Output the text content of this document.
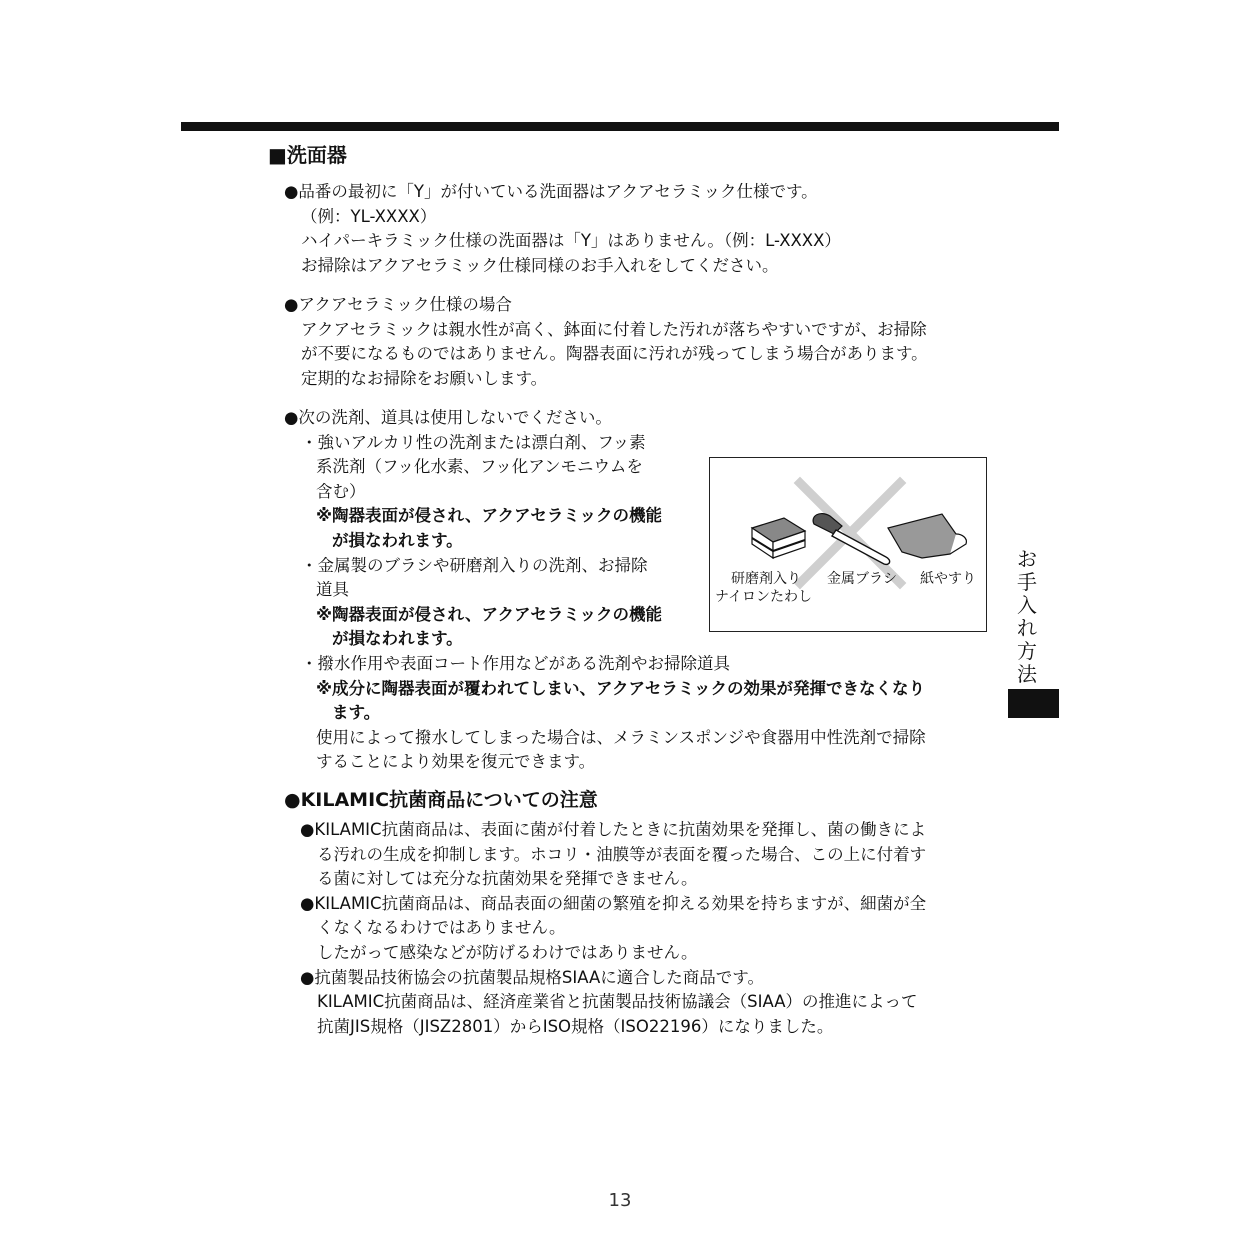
■洗面器
●品番の最初に「Y」が付いている洗面器はアクアセラミック仕様です。
（例：YL-XXXX）
ハイパーキラミック仕様の洗面器は「Y」はありません。（例：L-XXXX）
お掃除はアクアセラミック仕様同様のお手入れをしてください。
●アクアセラミック仕様の場合
アクアセラミックは親水性が高く、鉢面に付着した汚れが落ちやすいですが、お掃除
が不要になるものではありません。陶器表面に汚れが残ってしまう場合があります。
定期的なお掃除をお願いします。
●次の洗剤、道具は使用しないでください。
・強いアルカリ性の洗剤または漂白剤、フッ素
系洗剤（フッ化水素、フッ化アンモニウムを
含む）
※陶器表面が侵され、アクアセラミックの機能
が損なわれます。
・金属製のブラシや研磨剤入りの洗剤、お掃除
道具
※陶器表面が侵され、アクアセラミックの機能
が損なわれます。
・撥水作用や表面コート作用などがある洗剤やお掃除道具
※成分に陶器表面が覆われてしまい、アクアセラミックの効果が発揮できなくなり
ます。
使用によって撥水してしまった場合は、メラミンスポンジや食器用中性洗剤で掃除
することにより効果を復元できます。
研磨剤入り
ナイロンたわし
金属ブラシ 紙やすり
●KILAMIC抗菌商品についての注意
●KILAMIC抗菌商品は、表面に菌が付着したときに抗菌効果を発揮し、菌の働きによ
る汚れの生成を抑制します。ホコリ・油膜等が表面を覆った場合、この上に付着す
る菌に対しては充分な抗菌効果を発揮できません。
●KILAMIC抗菌商品は、商品表面の細菌の繁殖を抑える効果を持ちますが、細菌が全
くなくなるわけではありません。
したがって感染などが防げるわけではありません。
●抗菌製品技術協会の抗菌製品規格SIAAに適合した商品です。
KILAMIC抗菌商品は、経済産業省と抗菌製品技術協議会（SIAA）の推進によって
抗菌JIS規格（JISZ2801）からISO規格（ISO22196）になりました。
お
手
入
れ
方
法
13
